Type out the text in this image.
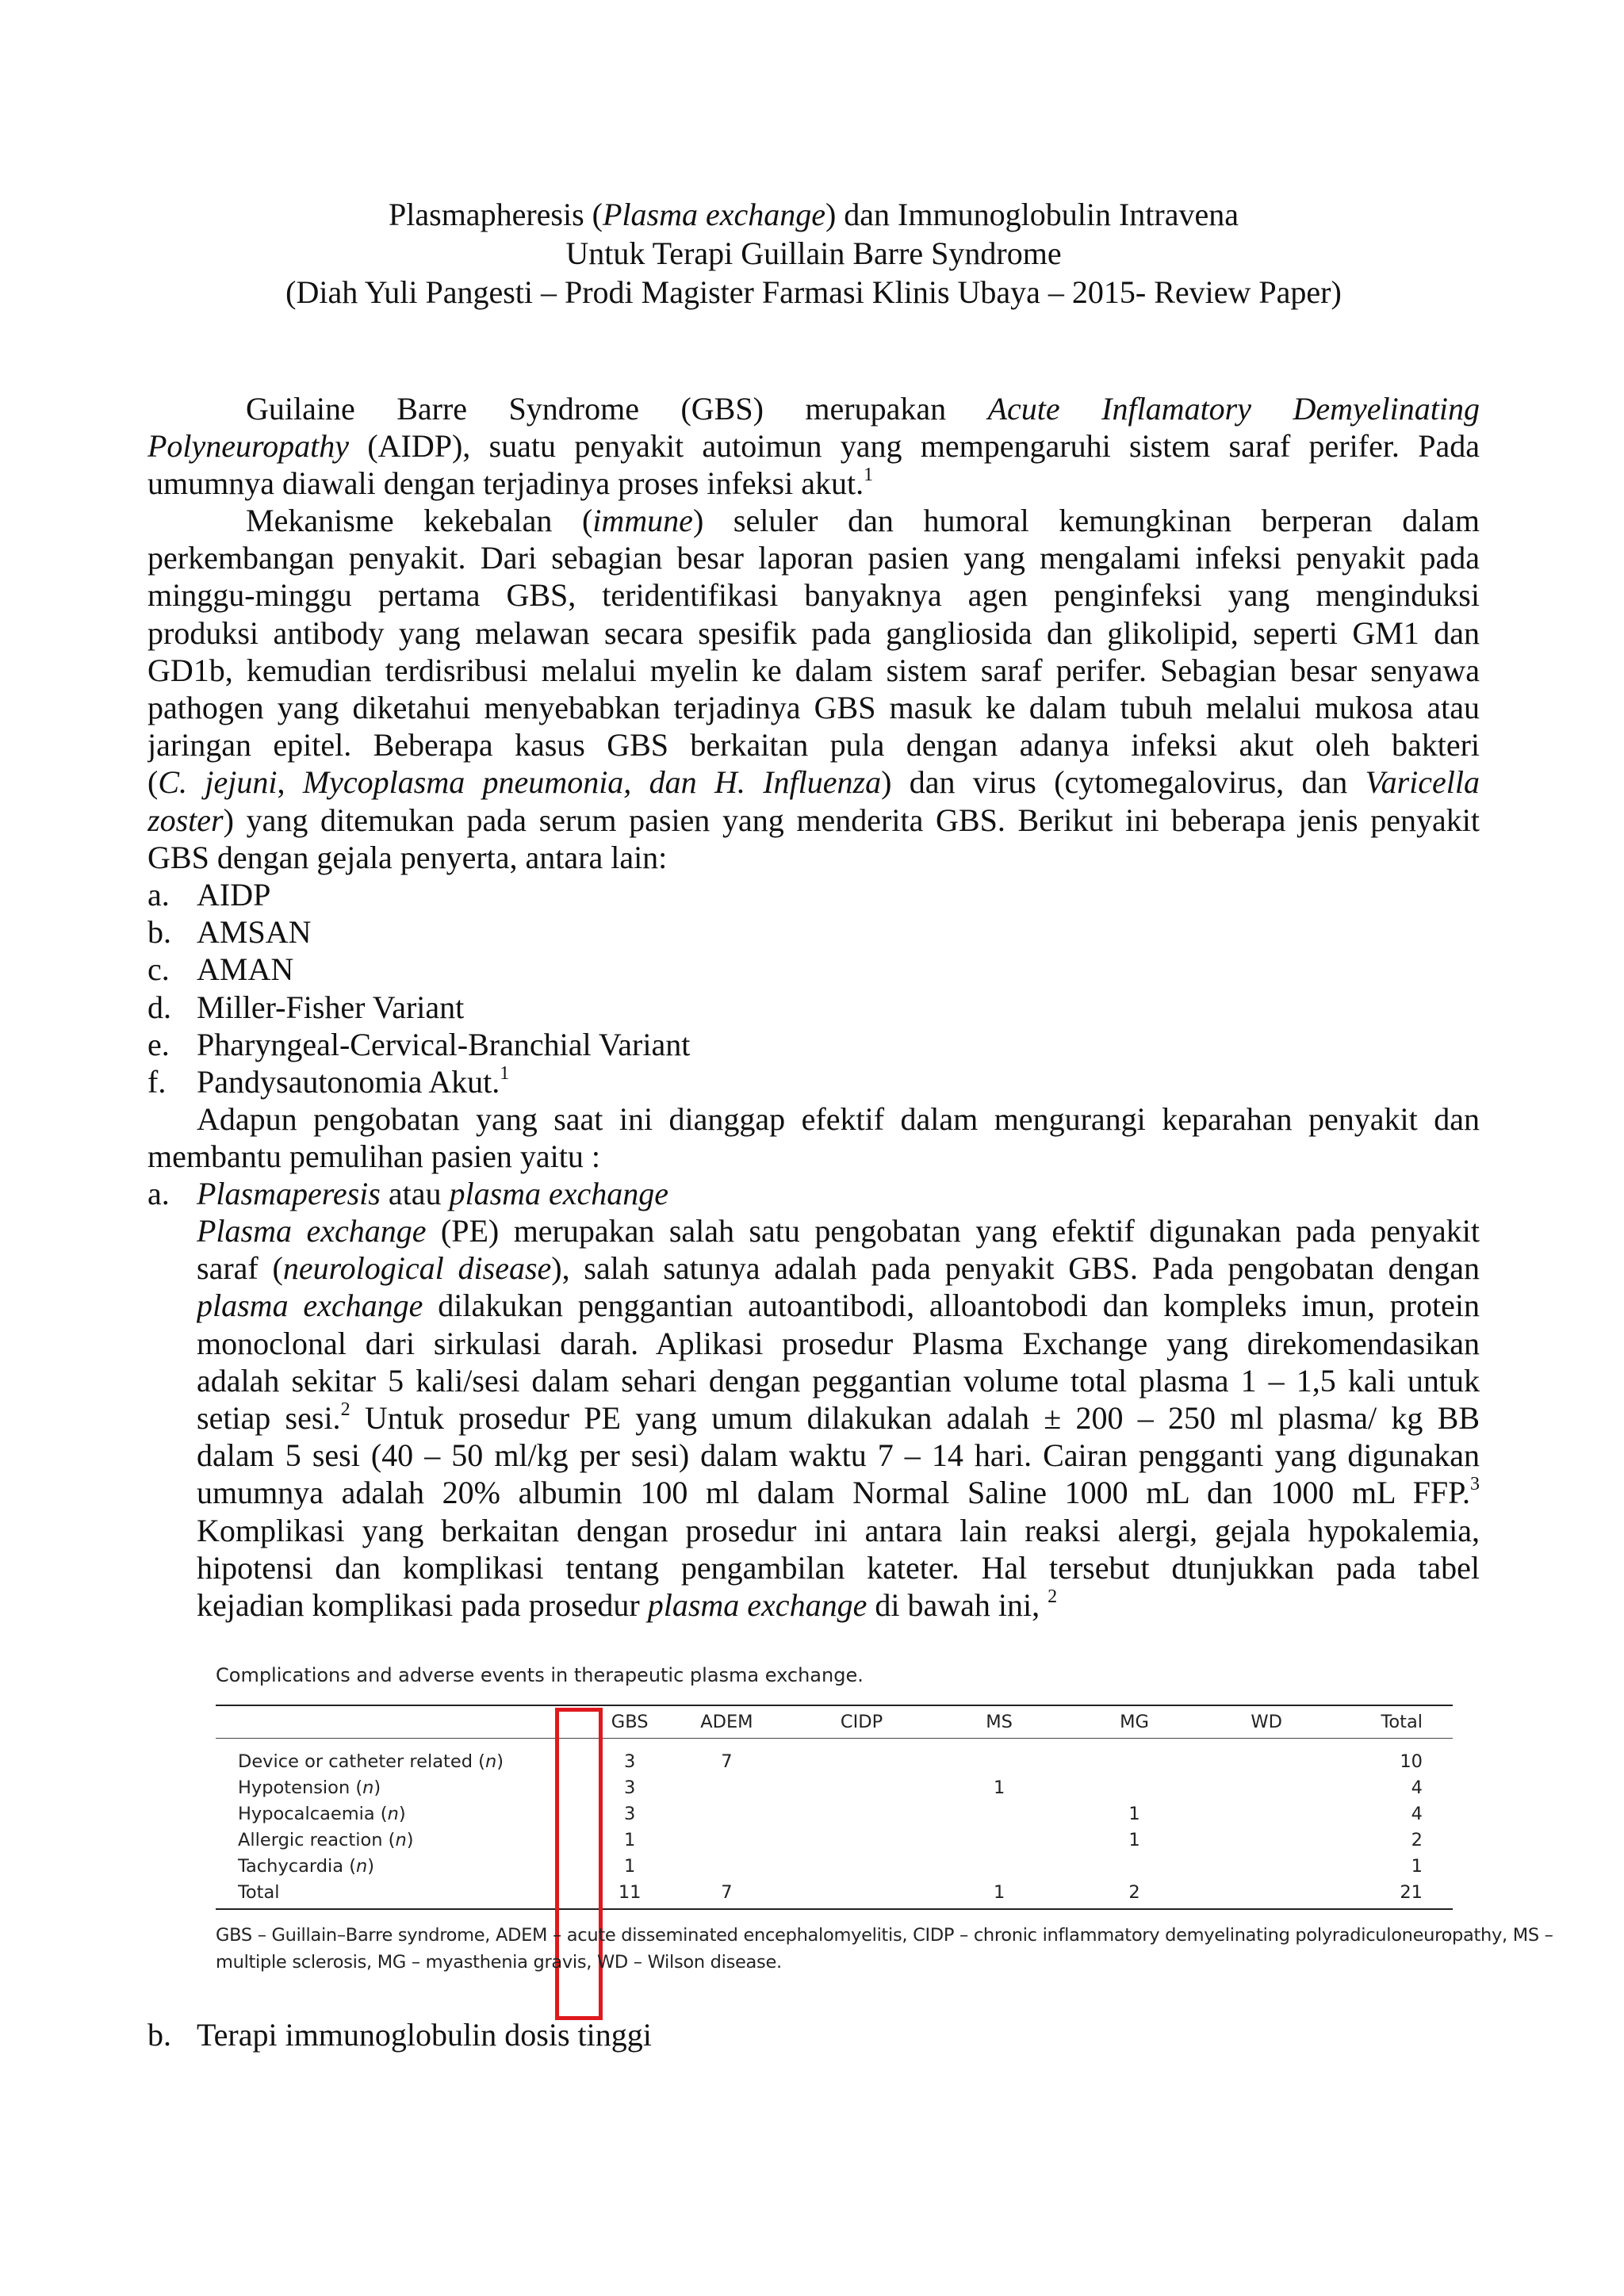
Plasmapheresis (Plasma exchange) dan Immunoglobulin Intravena
Untuk Terapi Guillain Barre Syndrome
(Diah Yuli Pangesti – Prodi Magister Farmasi Klinis Ubaya – 2015- Review Paper)
Guilaine Barre Syndrome (GBS) merupakan Acute Inflamatory Demyelinating
Polyneuropathy (AIDP), suatu penyakit autoimun yang mempengaruhi sistem saraf perifer. Pada
umumnya diawali dengan terjadinya proses infeksi akut.$^1$
Mekanisme kekebalan (immune) seluler dan humoral kemungkinan berperan dalam
perkembangan penyakit. Dari sebagian besar laporan pasien yang mengalami infeksi penyakit pada
minggu-minggu pertama GBS, teridentifikasi banyaknya agen penginfeksi yang menginduksi
produksi antibody yang melawan secara spesifik pada gangliosida dan glikolipid, seperti GM1 dan
GD1b, kemudian terdisribusi melalui myelin ke dalam sistem saraf perifer. Sebagian besar senyawa
pathogen yang diketahui menyebabkan terjadinya GBS masuk ke dalam tubuh melalui mukosa atau
jaringan epitel. Beberapa kasus GBS berkaitan pula dengan adanya infeksi akut oleh bakteri
(C. jejuni, Mycoplasma pneumonia, dan H. Influenza) dan virus (cytomegalovirus, dan Varicella
zoster) yang ditemukan pada serum pasien yang menderita GBS. Berikut ini beberapa jenis penyakit
GBS dengan gejala penyerta, antara lain:
a. AIDP
b. AMSAN
c. AMAN
d. Miller-Fisher Variant
e. Pharyngeal-Cervical-Branchial Variant
f. Pandysautonomia Akut.$^1$
Adapun pengobatan yang saat ini dianggap efektif dalam mengurangi keparahan penyakit dan
membantu pemulihan pasien yaitu :
a. Plasmaperesis atau plasma exchange
Plasma exchange (PE) merupakan salah satu pengobatan yang efektif digunakan pada penyakit
saraf (neurological disease), salah satunya adalah pada penyakit GBS. Pada pengobatan dengan
plasma exchange dilakukan penggantian autoantibodi, alloantobodi dan kompleks imun, protein
monoclonal dari sirkulasi darah. Aplikasi prosedur Plasma Exchange yang direkomendasikan
adalah sekitar 5 kali/sesi dalam sehari dengan peggantian volume total plasma 1 – 1,5 kali untuk
setiap sesi.$^2$ Untuk prosedur PE yang umum dilakukan adalah ± 200 – 250 ml plasma/ kg BB
dalam 5 sesi (40 – 50 ml/kg per sesi) dalam waktu 7 – 14 hari. Cairan pengganti yang digunakan
umumnya adalah 20% albumin 100 ml dalam Normal Saline 1000 mL dan 1000 mL FFP.$^3$
Komplikasi yang berkaitan dengan prosedur ini antara lain reaksi alergi, gejala hypokalemia,
hipotensi dan komplikasi tentang pengambilan kateter. Hal tersebut dtunjukkan pada tabel
kejadian komplikasi pada prosedur plasma exchange di bawah ini, $^2$
Complications and adverse events in therapeutic plasma exchange.
	GBS	ADEM	CIDP	MS	MG	WD	Total
Device or catheter related (n)	3	7					10
Hypotension (n)	3			1			4
Hypocalcaemia (n)	3				1		4
Allergic reaction (n)	1				1		2
Tachycardia (n)	1						1
Total	11	7		1	2		21
GBS – Guillain–Barre syndrome, ADEM – acute disseminated encephalomyelitis, CIDP – chronic inflammatory demyelinating polyradiculoneuropathy, MS –
multiple sclerosis, MG – myasthenia gravis, WD – Wilson disease.
b. Terapi immunoglobulin dosis tinggi
